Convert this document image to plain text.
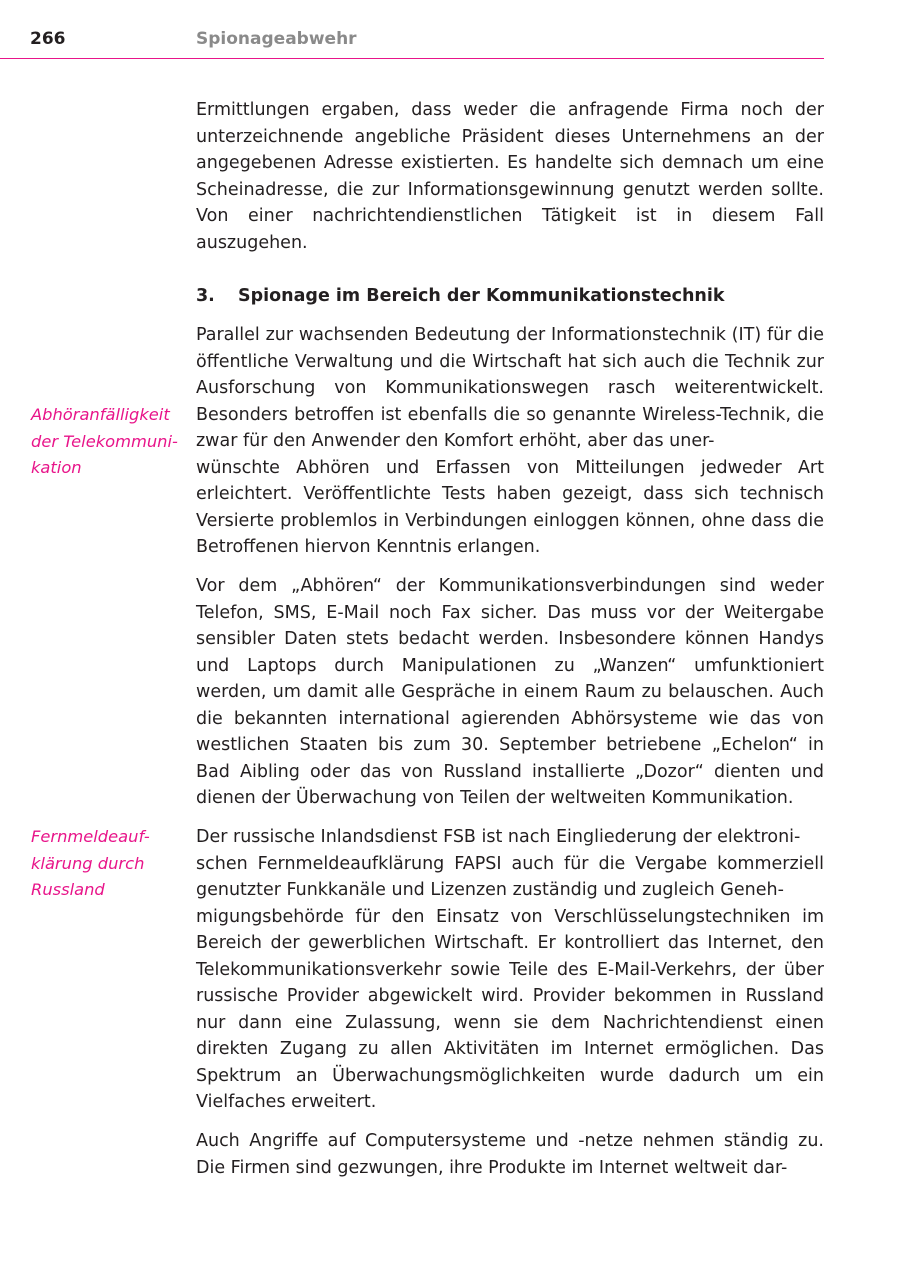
266	Spionageabwehr

Ermittlungen ergaben, dass weder die anfragende Firma noch der unterzeichnende angebliche Präsident dieses Unternehmens an der angegebenen Adresse existierten. Es handelte sich demnach um eine Scheinadresse, die zur Informationsgewinnung genutzt werden sollte. Von einer nachrichtendienstlichen Tätigkeit ist in diesem Fall auszugehen.

3. Spionage im Bereich der Kommunikationstechnik

Abhöranfälligkeit der Telekommuni-
kation

Parallel zur wachsenden Bedeutung der Informationstechnik (IT) für die öffentliche Verwaltung und die Wirtschaft hat sich auch die Technik zur Ausforschung von Kommunikationswegen rasch weiterentwickelt. Besonders betroffen ist ebenfalls die so genannte Wireless-Technik, die zwar für den Anwender den Komfort erhöht, aber das uner-
wünschte Abhören und Erfassen von Mitteilungen jedweder Art erleichtert. Veröffentlichte Tests haben gezeigt, dass sich technisch Versierte problemlos in Verbindungen einloggen können, ohne dass die Betroffenen hiervon Kenntnis erlangen.

Vor dem „Abhören“ der Kommunikationsverbindungen sind weder Telefon, SMS, E-Mail noch Fax sicher. Das muss vor der Weitergabe sensibler Daten stets bedacht werden. Insbesondere können Handys und Laptops durch Manipulationen zu „Wanzen“ umfunktioniert werden, um damit alle Gespräche in einem Raum zu belauschen. Auch die bekannten international agierenden Abhörsysteme wie das von westlichen Staaten bis zum 30. September betriebene „Echelon“ in Bad Aibling oder das von Russland installierte „Dozor“ dienten und dienen der Überwachung von Teilen der weltweiten Kommunikation.

Fernmeldeauf-
klärung durch Russland

Der russische Inlandsdienst FSB ist nach Eingliederung der elektroni-
schen Fernmeldeaufklärung FAPSI auch für die Vergabe kommerziell genutzter Funkkanäle und Lizenzen zuständig und zugleich Geneh-
migungsbehörde für den Einsatz von Verschlüsselungstechniken im Bereich der gewerblichen Wirtschaft. Er kontrolliert das Internet, den Telekommunikationsverkehr sowie Teile des E-Mail-Verkehrs, der über russische Provider abgewickelt wird. Provider bekommen in Russland nur dann eine Zulassung, wenn sie dem Nachrichtendienst einen direkten Zugang zu allen Aktivitäten im Internet ermöglichen. Das Spektrum an Überwachungsmöglichkeiten wurde dadurch um ein Vielfaches erweitert.

Auch Angriffe auf Computersysteme und -netze nehmen ständig zu. Die Firmen sind gezwungen, ihre Produkte im Internet weltweit dar-
